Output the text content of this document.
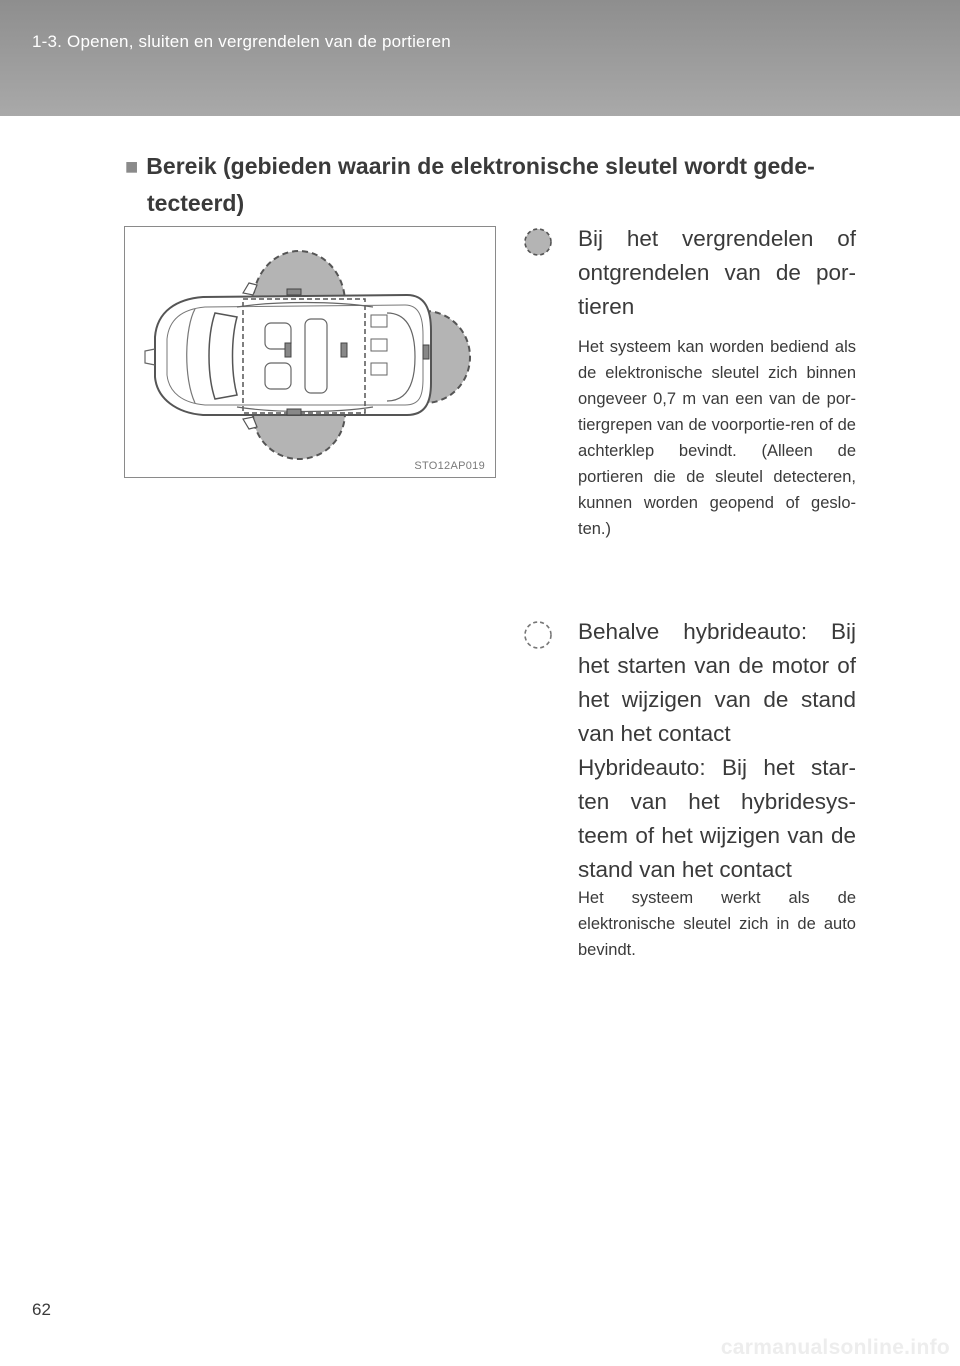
1-3. Openen, sluiten en vergrendelen van de portieren
■ Bereik (gebieden waarin de elektronische sleutel wordt gede-
tecteerd)
STO12AP019
Bij het vergrendelen of ontgrendelen van de por-tieren
Het systeem kan worden bediend als de elektronische sleutel zich binnen ongeveer 0,7 m van een van de por-tiergrepen van de voorportie-ren of de achterklep bevindt. (Alleen de portieren die de sleutel detecteren, kunnen worden geopend of geslo-ten.)
Behalve hybrideauto: Bij het starten van de motor of het wijzigen van de stand van het contact
Hybrideauto: Bij het star-ten van het hybridesys-teem of het wijzigen van de stand van het contact
Het systeem werkt als de elektronische sleutel zich in de auto bevindt.
62
carmanualsonline.info
